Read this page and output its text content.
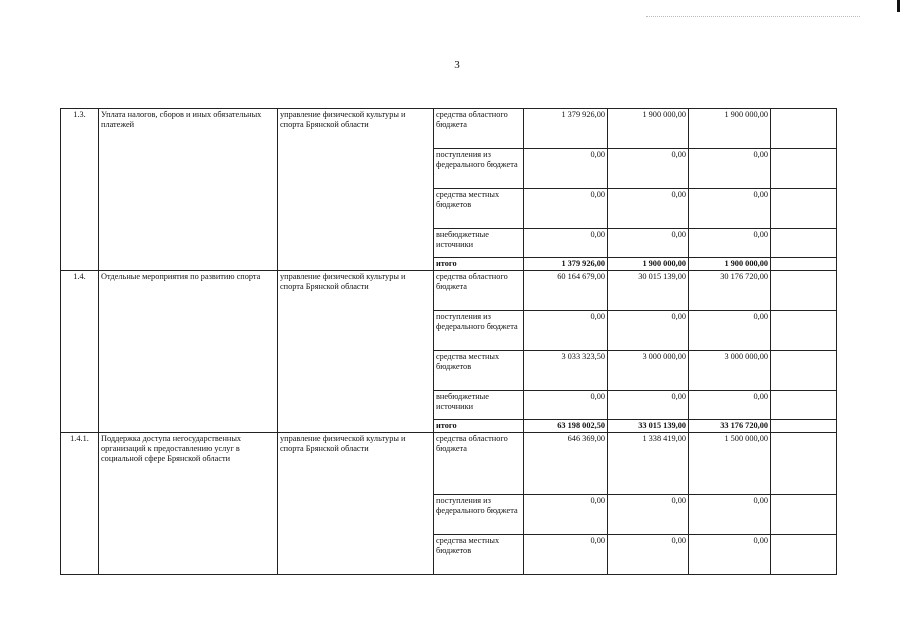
3
1.3.	Уплата налогов, сборов и иных обязательных платежей	управление физической культуры и спорта Брянской области	средства областного бюджета	1 379 926,00	1 900 000,00	1 900 000,00	
			поступления из федерального бюджета	0,00	0,00	0,00	
			средства местных бюджетов	0,00	0,00	0,00	
			внебюджетные источники	0,00	0,00	0,00	
			итого	1 379 926,00	1 900 000,00	1 900 000,00	
1.4.	Отдельные мероприятия по развитию спорта	управление физической культуры и спорта Брянской области	средства областного бюджета	60 164 679,00	30 015 139,00	30 176 720,00	
			поступления из федерального бюджета	0,00	0,00	0,00	
			средства местных бюджетов	3 033 323,50	3 000 000,00	3 000 000,00	
			внебюджетные источники	0,00	0,00	0,00	
			итого	63 198 002,50	33 015 139,00	33 176 720,00	
1.4.1.	Поддержка доступа негосударственных организаций к предоставлению услуг в социальной сфере Брянской области	управление физической культуры и спорта Брянской области	средства областного бюджета	646 369,00	1 338 419,00	1 500 000,00	
			поступления из федерального бюджета	0,00	0,00	0,00	
			средства местных бюджетов	0,00	0,00	0,00	
